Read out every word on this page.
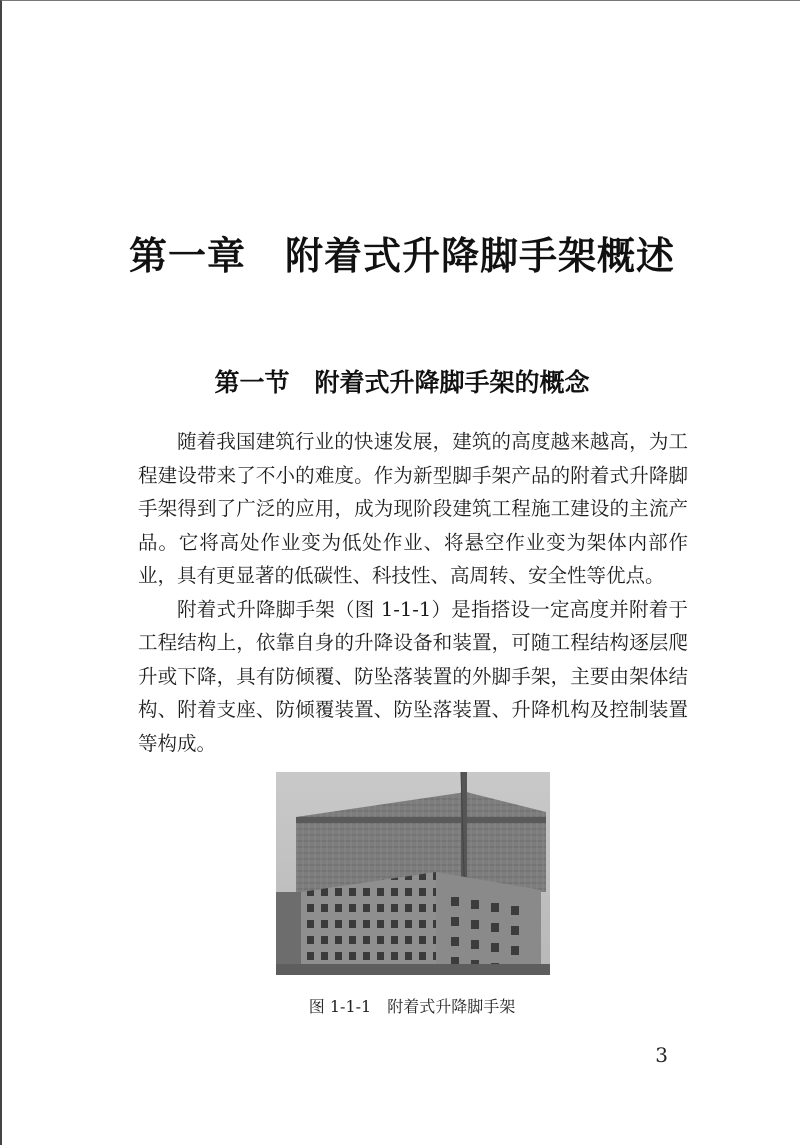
第一章　附着式升降脚手架概述
第一节　附着式升降脚手架的概念

随着我国建筑行业的快速发展，建筑的高度越来越高，为工程建设带来了不小的难度。作为新型脚手架产品的附着式升降脚手架得到了广泛的应用，成为现阶段建筑工程施工建设的主流产品。它将高处作业变为低处作业、将悬空作业变为架体内部作业，具有更显著的低碳性、科技性、高周转、安全性等优点。

附着式升降脚手架（图 1-1-1）是指搭设一定高度并附着于工程结构上，依靠自身的升降设备和装置，可随工程结构逐层爬升或下降，具有防倾覆、防坠落装置的外脚手架，主要由架体结构、附着支座、防倾覆装置、防坠落装置、升降机构及控制装置等构成。

图 1-1-1 附着式升降脚手架
3
